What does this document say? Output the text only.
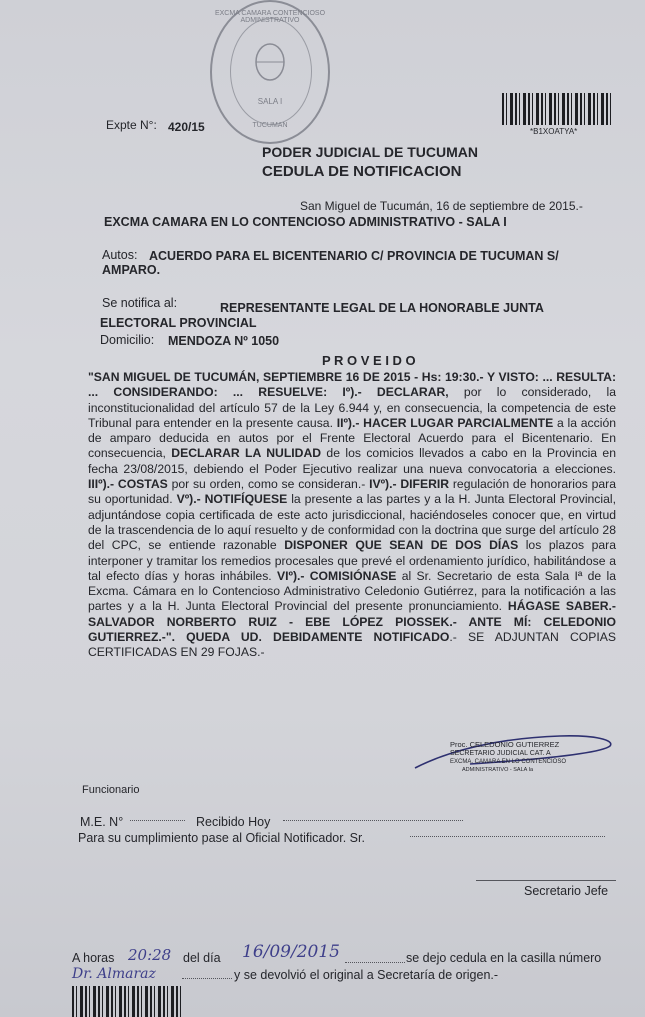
EXCMA CAMARA CONTENCIOSO ADMINISTRATIVO
SALA I
TUCUMAN
Expte N°: 420/15	*B1XOATYA*
PODER JUDICIAL DE TUCUMAN
CEDULA DE NOTIFICACION
San Miguel de Tucumán, 16 de septiembre de 2015.-
EXCMA CAMARA EN LO CONTENCIOSO ADMINISTRATIVO - SALA I
Autos: ACUERDO PARA EL BICENTENARIO C/ PROVINCIA DE TUCUMAN S/
AMPARO.
Se notifica al:	REPRESENTANTE LEGAL DE LA HONORABLE JUNTA
ELECTORAL PROVINCIAL
Domicilio: MENDOZA Nº 1050
P R O V E I D O
"SAN MIGUEL DE TUCUMÁN, SEPTIEMBRE 16 DE 2015 - Hs: 19:30.- Y VISTO: ... RESULTA: ... CONSIDERANDO: ... RESUELVE: Iº).- DECLARAR, por lo considerado, la inconstitucionalidad del artículo 57 de la Ley 6.944 y, en consecuencia, la competencia de este Tribunal para entender en la presente causa. IIº).- HACER LUGAR PARCIALMENTE a la acción de amparo deducida en autos por el Frente Electoral Acuerdo para el Bicentenario. En consecuencia, DECLARAR LA NULIDAD de los comicios llevados a cabo en la Provincia en fecha 23/08/2015, debiendo el Poder Ejecutivo realizar una nueva convocatoria a elecciones. IIIº).- COSTAS por su orden, como se consideran.- IVº).- DIFERIR regulación de honorarios para su oportunidad. Vº).- NOTIFÍQUESE la presente a las partes y a la H. Junta Electoral Provincial, adjuntándose copia certificada de este acto jurisdiccional, haciéndoseles conocer que, en virtud de la trascendencia de lo aquí resuelto y de conformidad con la doctrina que surge del artículo 28 del CPC, se entiende razonable DISPONER QUE SEAN DE DOS DÍAS los plazos para interponer y tramitar los remedios procesales que prevé el ordenamiento jurídico, habilitándose a tal efecto días y horas inhábiles. VIº).- COMISIÓNASE al Sr. Secretario de esta Sala Iª de la Excma. Cámara en lo Contencioso Administrativo Celedonio Gutiérrez, para la notificación a las partes y a la H. Junta Electoral Provincial del presente pronunciamiento. HÁGASE SABER.- SALVADOR NORBERTO RUIZ - EBE LÓPEZ PIOSSEK.- ANTE MÍ: CELEDONIO GUTIERREZ.-". QUEDA UD. DEBIDAMENTE NOTIFICADO.- SE ADJUNTAN COPIAS CERTIFICADAS EN 29 FOJAS.-
Proc. CELEDONIO GUTIERREZ
SECRETARIO JUDICIAL CAT. A
EXCMA. CAMARA EN LO CONTENCIOSO
ADMINISTRATIVO - SALA Ia
Funcionario
M.E. N°	Recibido Hoy
Para su cumplimiento pase al Oficial Notificador. Sr.
Secretario Jefe
A horas 20:28 del día 16/09/2015	se dejo cedula en la casilla número
Dr. Almaraz	y se devolvió el original a Secretaría de origen.-
